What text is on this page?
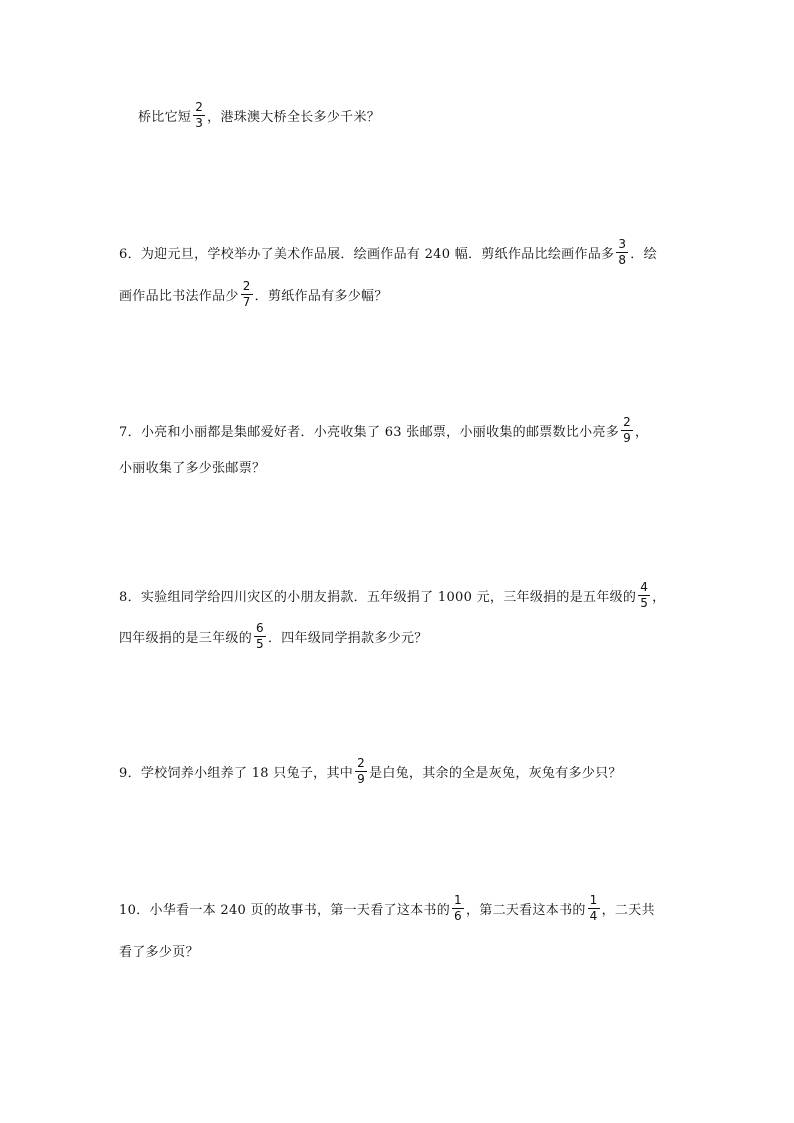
桥比它短 $\frac{2}{3}$ ，港珠澳大桥全长多少千米？
6．为迎元旦，学校举办了美术作品展．绘画作品有 240 幅．剪纸作品比绘画作品多 $\frac{3}{8}$ ．绘
画作品比书法作品少 $\frac{2}{7}$ ．剪纸作品有多少幅？
7．小亮和小丽都是集邮爱好者．小亮收集了 63 张邮票，小丽收集的邮票数比小亮多 $\frac{2}{9}$ ，
小丽收集了多少张邮票？
8．实验组同学给四川灾区的小朋友捐款．五年级捐了 1000 元，三年级捐的是五年级的 $\frac{4}{5}$ ，
四年级捐的是三年级的 $\frac{6}{5}$ ．四年级同学捐款多少元？
9．学校饲养小组养了 18 只兔子，其中 $\frac{2}{9}$ 是白兔，其余的全是灰兔，灰兔有多少只？
10．小华看一本 240 页的故事书，第一天看了这本书的 $\frac{1}{6}$ ，第二天看这本书的 $\frac{1}{4}$ ，二天共
看了多少页？
